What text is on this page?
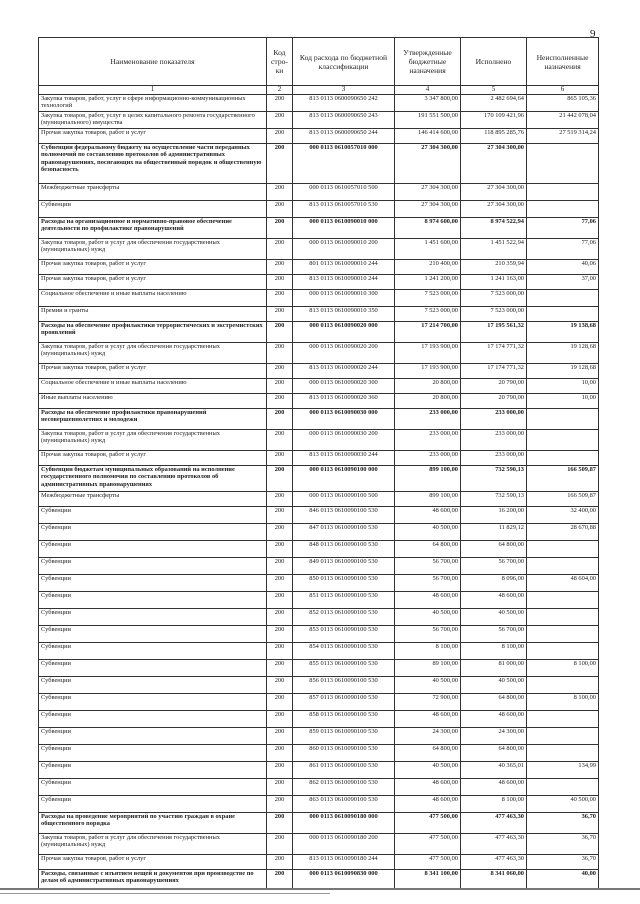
9
Наименование показателя	Код стро-ки	Код расхода по бюджетной классификации	Утвержденные бюджетные назначения	Исполнено	Неисполненные назначения
1	2	3	4	5	6
Закупка товаров, работ, услуг в сфере информационно-коммуникационных технологий	200	813 0113 0600090650 242	3 347 800,00	2 482 694,64	865 105,36
Закупка товаров, работ, услуг в целях капитального ремонта государственного (муниципального) имущества	200	813 0113 0600090650 243	191 551 500,00	170 109 421,96	21 442 078,04
Прочая закупка товаров, работ и услуг	200	813 0113 0600090650 244	146 414 600,00	118 895 285,76	27 519 314,24
Субвенции федеральному бюджету на осуществление части переданных полномочий по составлению протоколов об административных правонарушениях, посягающих на общественный порядок и общественную безопасность	200	000 0113 0610057010 000	27 304 300,00	27 304 300,00	
Межбюджетные трансферты	200	000 0113 0610057010 500	27 304 300,00	27 304 300,00	
Субвенции	200	813 0113 0610057010 530	27 304 300,00	27 304 300,00	
Расходы на организационное и нормативно-правовое обеспечение деятельности по профилактике правонарушений	200	000 0113 0610090010 000	8 974 600,00	8 974 522,94	77,06
Закупка товаров, работ и услуг для обеспечения государственных (муниципальных) нужд	200	000 0113 0610090010 200	1 451 600,00	1 451 522,94	77,06
Прочая закупка товаров, работ и услуг	200	801 0113 0610090010 244	210 400,00	210 359,94	40,06
Прочая закупка товаров, работ и услуг	200	813 0113 0610090010 244	1 241 200,00	1 241 163,00	37,00
Социальное обеспечение и иные выплаты населению	200	000 0113 0610090010 300	7 523 000,00	7 523 000,00	
Премии и гранты	200	813 0113 0610090010 350	7 523 000,00	7 523 000,00	
Расходы на обеспечение профилактики террористических и экстремистских проявлений	200	000 0113 0610090020 000	17 214 700,00	17 195 561,32	19 138,68
Закупка товаров, работ и услуг для обеспечения государственных (муниципальных) нужд	200	000 0113 0610090020 200	17 193 900,00	17 174 771,32	19 128,68
Прочая закупка товаров, работ и услуг	200	813 0113 0610090020 244	17 193 900,00	17 174 771,32	19 128,68
Социальное обеспечение и иные выплаты населению	200	000 0113 0610090020 300	20 800,00	20 790,00	10,00
Иные выплаты населению	200	813 0113 0610090020 360	20 800,00	20 790,00	10,00
Расходы на обеспечение профилактики правонарушений несовершеннолетних и молодежи	200	000 0113 0610090030 000	233 000,00	233 000,00	
Закупка товаров, работ и услуг для обеспечения государственных (муниципальных) нужд	200	000 0113 0610090030 200	233 000,00	233 000,00	
Прочая закупка товаров, работ и услуг	200	813 0113 0610090030 244	233 000,00	233 000,00	
Субвенции бюджетам муниципальных образований на исполнение государственного полномочия по составлению протоколов об административных правонарушениях	200	000 0113 0610090100 000	899 100,00	732 590,13	166 509,87
Межбюджетные трансферты	200	000 0113 0610090100 500	899 100,00	732 590,13	166 509,87
Субвенции	200	846 0113 0610090100 530	48 600,00	16 200,00	32 400,00
Субвенции	200	847 0113 0610090100 530	40 500,00	11 829,12	28 670,88
Субвенции	200	848 0113 0610090100 530	64 800,00	64 800,00	
Субвенции	200	849 0113 0610090100 530	56 700,00	56 700,00	
Субвенции	200	850 0113 0610090100 530	56 700,00	8 096,00	48 604,00
Субвенции	200	851 0113 0610090100 530	48 600,00	48 600,00	
Субвенции	200	852 0113 0610090100 530	40 500,00	40 500,00	
Субвенции	200	853 0113 0610090100 530	56 700,00	56 700,00	
Субвенции	200	854 0113 0610090100 530	8 100,00	8 100,00	
Субвенции	200	855 0113 0610090100 530	89 100,00	81 000,00	8 100,00
Субвенции	200	856 0113 0610090100 530	40 500,00	40 500,00	
Субвенции	200	857 0113 0610090100 530	72 900,00	64 800,00	8 100,00
Субвенции	200	858 0113 0610090100 530	48 600,00	48 600,00	
Субвенции	200	859 0113 0610090100 530	24 300,00	24 300,00	
Субвенции	200	860 0113 0610090100 530	64 800,00	64 800,00	
Субвенции	200	861 0113 0610090100 530	40 500,00	40 365,01	134,99
Субвенции	200	862 0113 0610090100 530	48 600,00	48 600,00	
Субвенции	200	863 0113 0610090100 530	48 600,00	8 100,00	40 500,00
Расходы на проведение мероприятий по участию граждан в охране общественного порядка	200	000 0113 0610090180 000	477 500,00	477 463,30	36,70
Закупка товаров, работ и услуг для обеспечения государственных (муниципальных) нужд	200	000 0113 0610090180 200	477 500,00	477 463,30	36,70
Прочая закупка товаров, работ и услуг	200	813 0113 0610090180 244	477 500,00	477 463,30	36,70
Расходы, связанные с изъятием вещей и документов при производстве по делам об административных правонарушениях	200	000 0113 0610090830 000	8 341 100,00	8 341 060,00	40,00
